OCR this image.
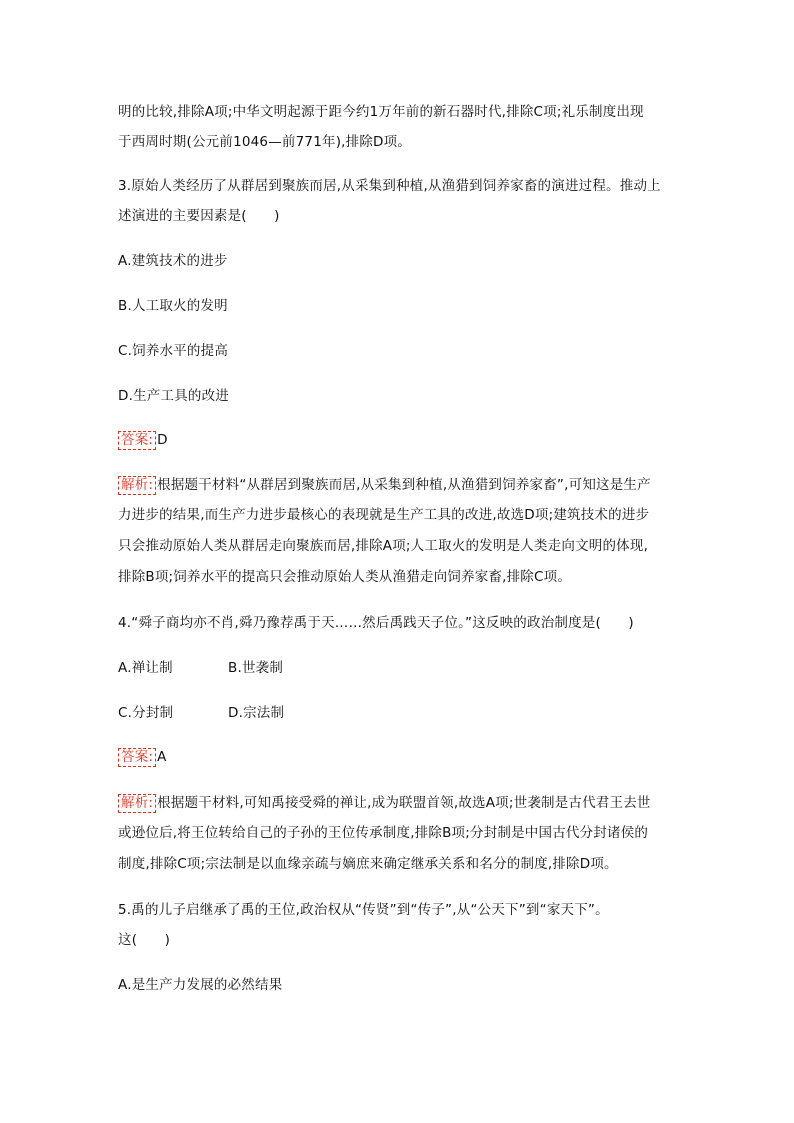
明的比较,排除A项;中华文明起源于距今约1万年前的新石器时代,排除C项;礼乐制度出现
于西周时期(公元前1046—前771年),排除D项。
3.原始人类经历了从群居到聚族而居,从采集到种植,从渔猎到饲养家畜的演进过程。推动上
述演进的主要因素是(　　)
A.建筑技术的进步
B.人工取火的发明
C.饲养水平的提高
D.生产工具的改进
答案: D
解析: 根据题干材料“从群居到聚族而居,从采集到种植,从渔猎到饲养家畜”,可知这是生产
力进步的结果,而生产力进步最核心的表现就是生产工具的改进,故选D项;建筑技术的进步
只会推动原始人类从群居走向聚族而居,排除A项;人工取火的发明是人类走向文明的体现,
排除B项;饲养水平的提高只会推动原始人类从渔猎走向饲养家畜,排除C项。
4.“舜子商均亦不肖,舜乃豫荐禹于天……然后禹践天子位。”这反映的政治制度是(　　)
A.禅让制	B.世袭制
C.分封制	D.宗法制
答案: A
解析: 根据题干材料,可知禹接受舜的禅让,成为联盟首领,故选A项;世袭制是古代君王去世
或逊位后,将王位转给自己的子孙的王位传承制度,排除B项;分封制是中国古代分封诸侯的
制度,排除C项;宗法制是以血缘亲疏与嫡庶来确定继承关系和名分的制度,排除D项。
5.禹的儿子启继承了禹的王位,政治权从“传贤”到“传子”,从“公天下”到“家天下”。
这(　　)
A.是生产力发展的必然结果
